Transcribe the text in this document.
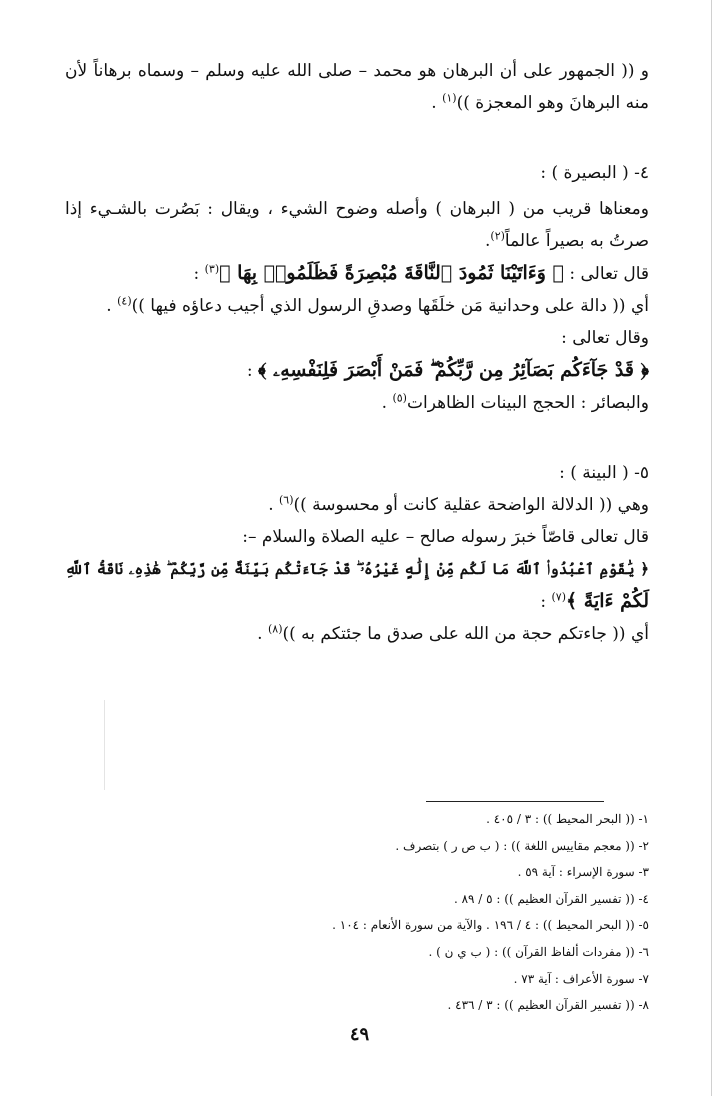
و (( الجمهور على أن البرهان هو محمد – صلى الله عليه وسلم – وسماه برهاناً لأن
منه البرهانَ وهو المعجزة ))$^{(١)}$ .
٤- ( البصيرة ) :
ومعناها قريب من ( البرهان ) وأصله وضوح الشيء ، ويقال : بَصُرت بالشـيء إذا
صرتُ به بصيراً عالماً$^{(٢)}$.
قال تعالى : ﴿ وَءَاتَيْنَا ثَمُودَ ٱلنَّاقَةَ مُبْصِرَةً فَظَلَمُوا۟ بِهَا ﴾$^{(٣)}$ :
أي (( دالة على وحدانية مَن خلَقَها وصدقِ الرسول الذي أجيب دعاؤه فيها ))$^{(٤)}$ .
وقال تعالى :
﴿ قَدْ جَآءَكُم بَصَآئِرُ مِن رَّبِّكُمْ ۖ فَمَنْ أَبْصَرَ فَلِنَفْسِهِۦ ﴾ :
والبصائر : الحجج البينات الظاهرات$^{(٥)}$ .
٥- ( البينة ) :
وهي (( الدلالة الواضحة عقلية كانت أو محسوسة ))$^{(٦)}$ .
قال تعالى قاصّاً خبرَ رسوله صالح – عليه الصلاة والسلام –:
﴿ يَٰقَوْمِ ٱعْبُدُوا۟ ٱللَّهَ مَا لَكُم مِّنْ إِلَٰهٍ غَيْرُهُۥ ۖ قَدْ جَآءَتْكُم بَيِّنَةٌ مِّن رَّبِّكُمْ ۖ هَٰذِهِۦ نَاقَةُ ٱللَّهِ
لَكُمْ ءَايَةً ﴾$^{(٧)}$ :
أي (( جاءتكم حجة من الله على صدق ما جئتكم به ))$^{(٨)}$ .
١- (( البحر المحيط )) : ٣ / ٤٠٥ .
٢- (( معجم مقاييس اللغة )) : ( ب ص ر ) بتصرف .
٣- سورة الإسراء : آية ٥٩ .
٤- (( تفسير القرآن العظيم )) : ٥ / ٨٩ .
٥- (( البحر المحيط )) : ٤ / ١٩٦ . والآية من سورة الأنعام : ١٠٤ .
٦- (( مفردات ألفاظ القرآن )) : ( ب ي ن ) .
٧- سورة الأعراف : آية ٧٣ .
٨- (( تفسير القرآن العظيم )) : ٣ / ٤٣٦ .
٤٩
